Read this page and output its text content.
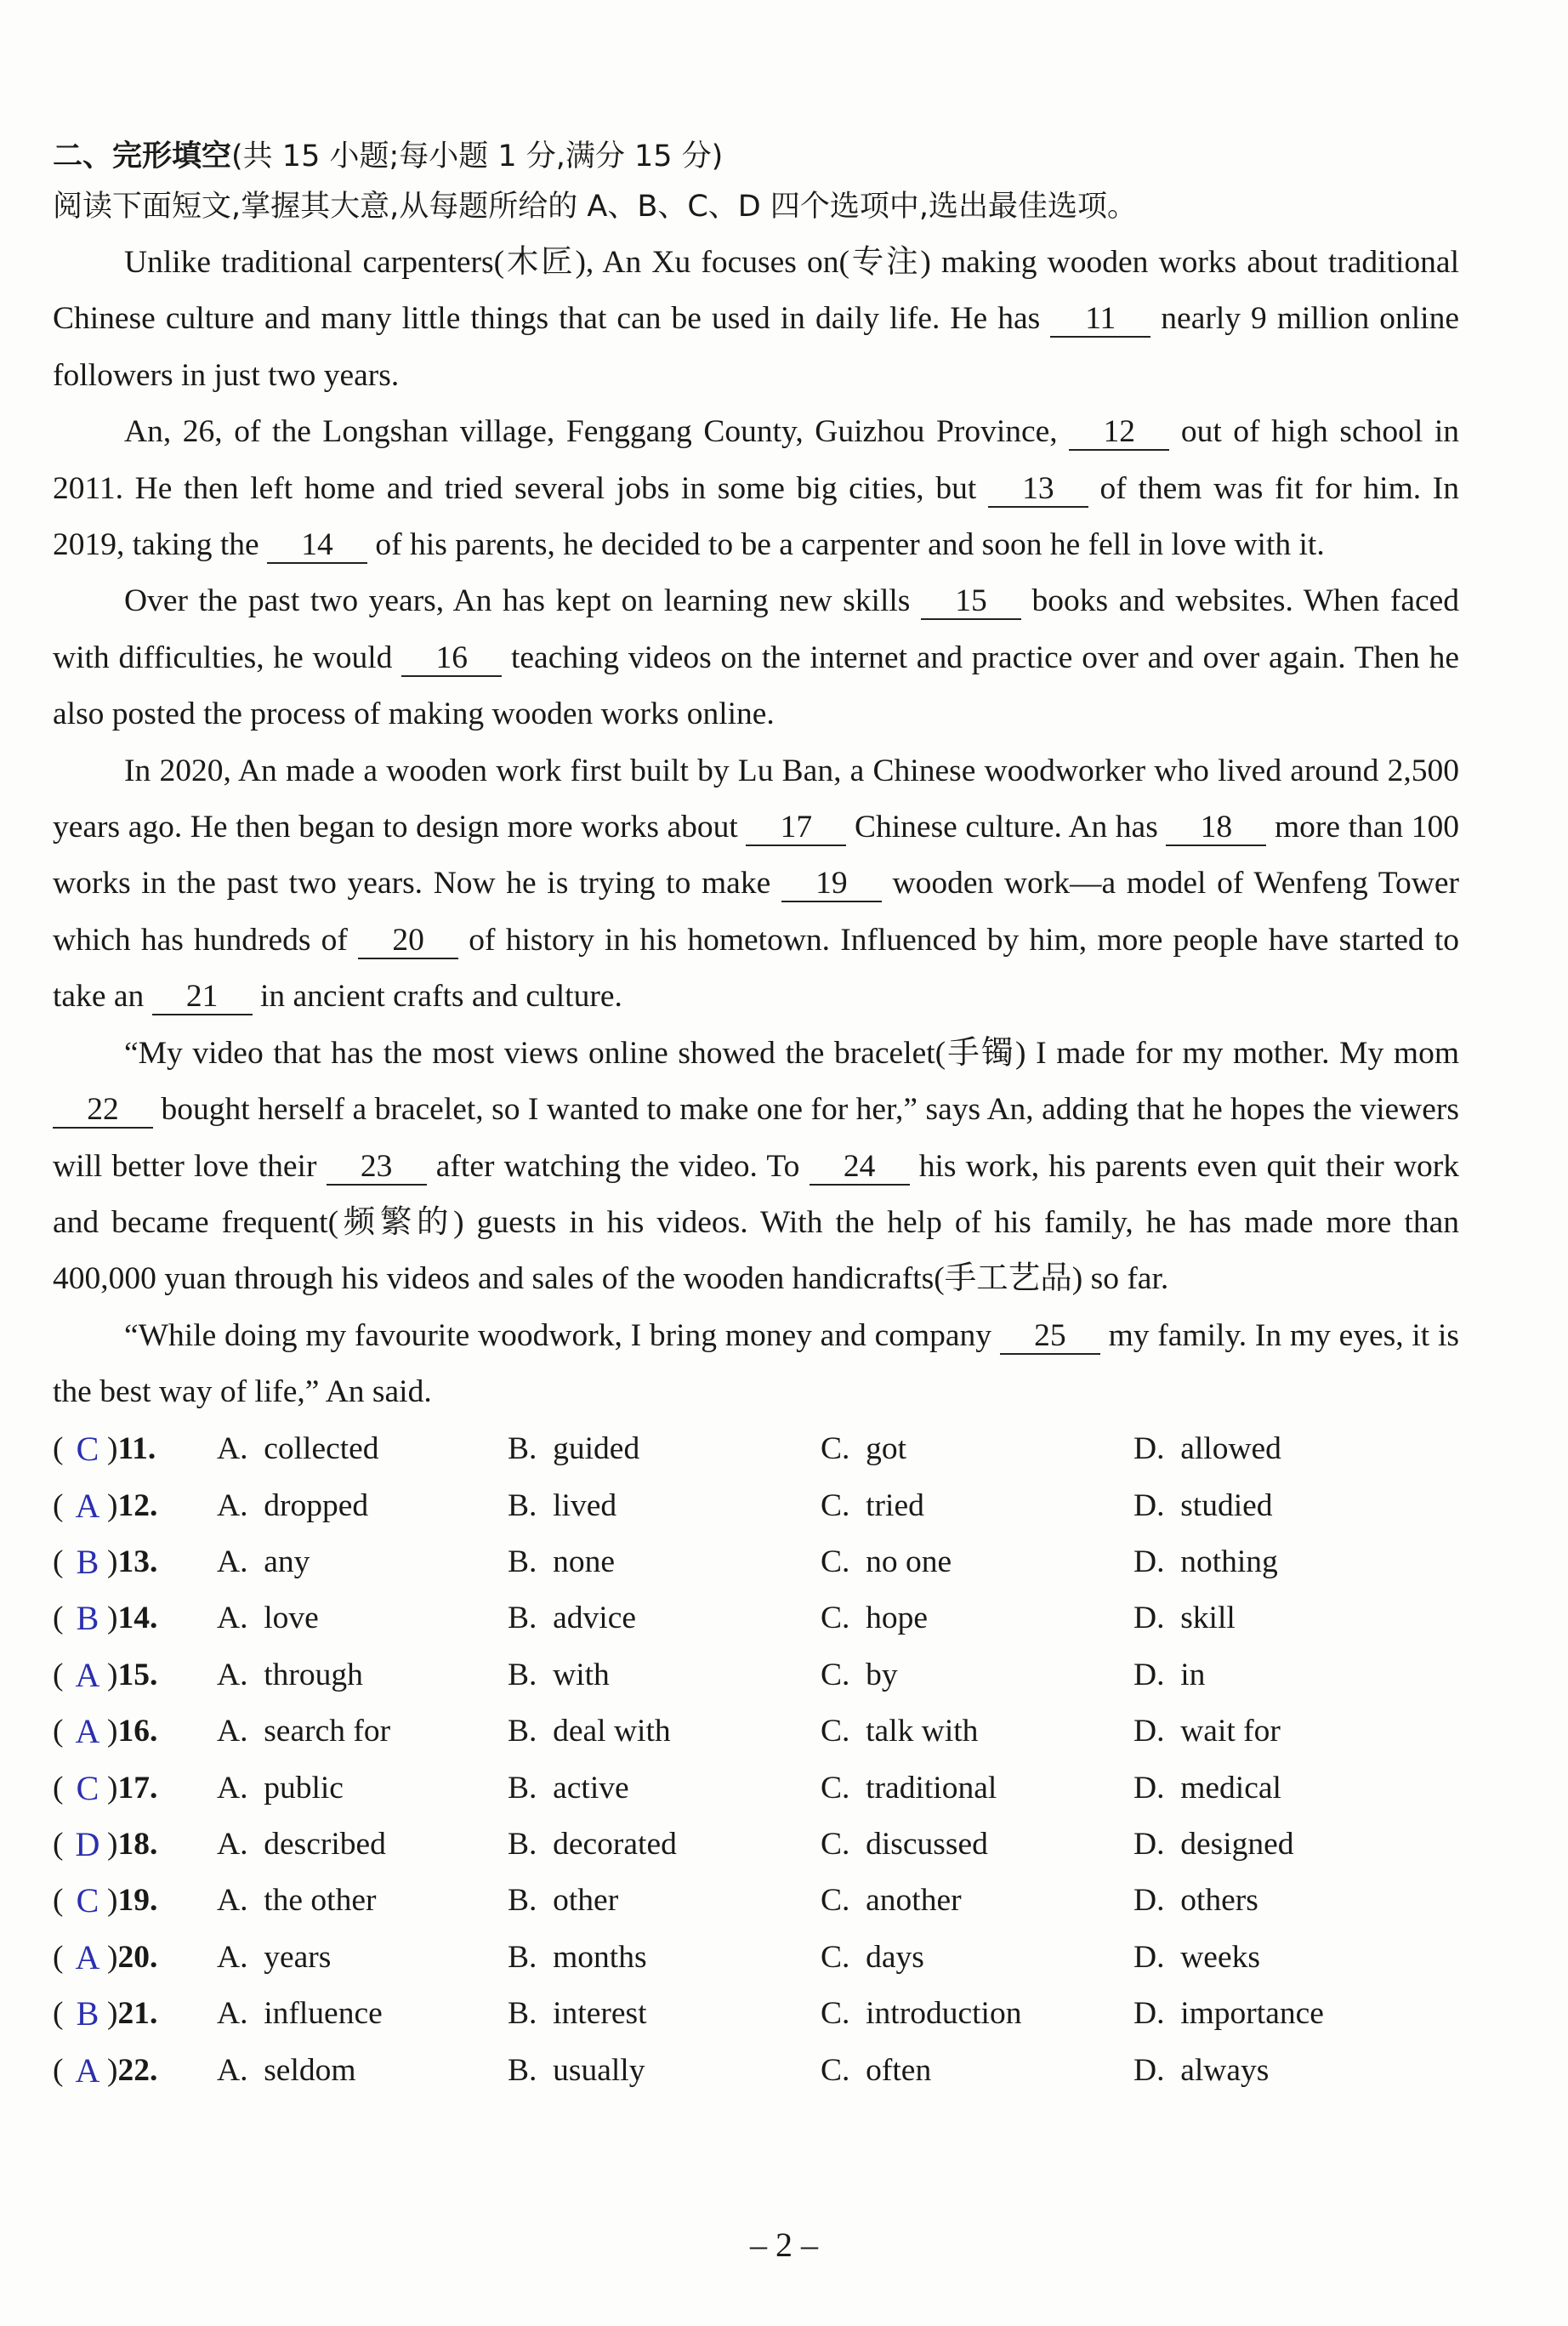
二、完形填空(共 15 小题;每小题 1 分,满分 15 分)
阅读下面短文,掌握其大意,从每题所给的 A、B、C、D 四个选项中,选出最佳选项。

Unlike traditional carpenters(木匠), An Xu focuses on(专注) making wooden works about traditional Chinese culture and many little things that can be used in daily life. He has 11 nearly 9 million online followers in just two years.

An, 26, of the Longshan village, Fenggang County, Guizhou Province, 12 out of high school in 2011. He then left home and tried several jobs in some big cities, but 13 of them was fit for him. In 2019, taking the 14 of his parents, he decided to be a carpenter and soon he fell in love with it.

Over the past two years, An has kept on learning new skills 15 books and websites. When faced with difficulties, he would 16 teaching videos on the internet and practice over and over again. Then he also posted the process of making wooden works online.

In 2020, An made a wooden work first built by Lu Ban, a Chinese woodworker who lived around 2,500 years ago. He then began to design more works about 17 Chinese culture. An has 18 more than 100 works in the past two years. Now he is trying to make 19 wooden work—a model of Wenfeng Tower which has hundreds of 20 of history in his hometown. Influenced by him, more people have started to take an 21 in ancient crafts and culture.

“My video that has the most views online showed the bracelet(手镯) I made for my mother. My mom 22 bought herself a bracelet, so I wanted to make one for her,” says An, adding that he hopes the viewers will better love their 23 after watching the video. To 24 his work, his parents even quit their work and became frequent(频繁的) guests in his videos. With the help of his family, he has made more than 400,000 yuan through his videos and sales of the wooden handicrafts(手工艺品) so far.

“While doing my favourite woodwork, I bring money and company 25 my family. In my eyes, it is the best way of life,” An said.

( C ) 11. A. collected	B. guided	C. got	D. allowed
( A ) 12. A. dropped	B. lived	C. tried	D. studied
( B ) 13. A. any	B. none	C. no one	D. nothing
( B ) 14. A. love	B. advice	C. hope	D. skill
( A ) 15. A. through	B. with	C. by	D. in
( A ) 16. A. search for	B. deal with	C. talk with	D. wait for
( C ) 17. A. public	B. active	C. traditional	D. medical
( D ) 18. A. described	B. decorated	C. discussed	D. designed
( C ) 19. A. the other	B. other	C. another	D. others
( A ) 20. A. years	B. months	C. days	D. weeks
( B ) 21. A. influence	B. interest	C. introduction	D. importance
( A ) 22. A. seldom	B. usually	C. often	D. always
– 2 –
